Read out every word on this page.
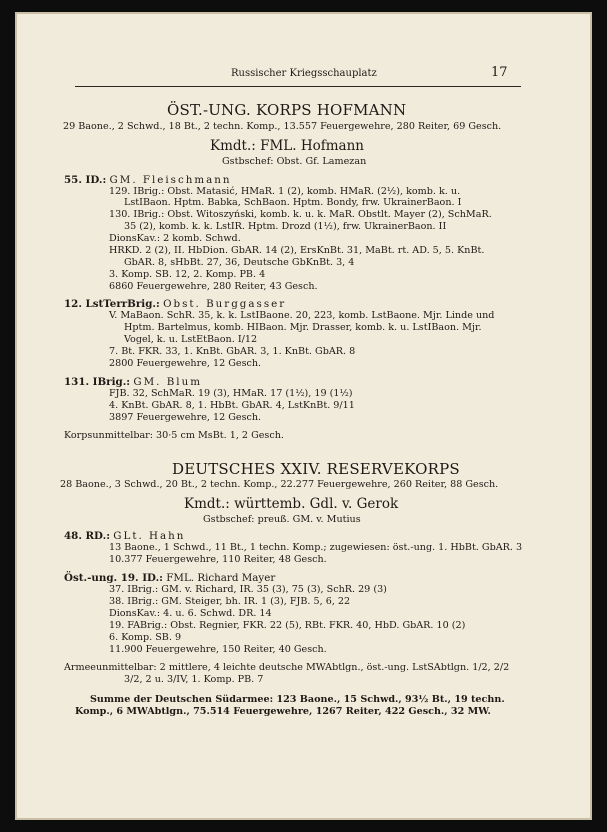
Russischer Kriegsschauplatz	17
ÖST.-UNG. KORPS HOFMANN
29 Baone., 2 Schwd., 18 Bt., 2 techn. Komp., 13.557 Feuergewehre, 280 Reiter, 69 Gesch.
Kmdt.: FML. Hofmann
Gstbschef: Obst. Gf. Lamezan
55. ID.: GM. Fleischmann
129. IBrig.: Obst. Matasić, HMaR. 1 (2), komb. HMaR. (2½), komb. k. u.
LstIBaon. Hptm. Babka, SchBaon. Hptm. Bondy, frw. UkrainerBaon. I
130. IBrig.: Obst. Witoszyński, komb. k. u. k. MaR. Obstlt. Mayer (2), SchMaR.
35 (2), komb. k. k. LstIR. Hptm. Drozd (1½), frw. UkrainerBaon. II
DionsKav.: 2 komb. Schwd.
HRKD. 2 (2), II. HbDion. GbAR. 14 (2), ErsKnBt. 31, MaBt. rt. AD. 5, 5. KnBt.
GbAR. 8, sHbBt. 27, 36, Deutsche GbKnBt. 3, 4
3. Komp. SB. 12, 2. Komp. PB. 4
6860 Feuergewehre, 280 Reiter, 43 Gesch.
12. LstTerrBrig.: Obst. Burggasser
V. MaBaon. SchR. 35, k. k. LstIBaone. 20, 223, komb. LstBaone. Mjr. Linde und
Hptm. Bartelmus, komb. HIBaon. Mjr. Drasser, komb. k. u. LstIBaon. Mjr.
Vogel, k. u. LstEtBaon. I/12
7. Bt. FKR. 33, 1. KnBt. GbAR. 3, 1. KnBt. GbAR. 8
2800 Feuergewehre, 12 Gesch.
131. IBrig.: GM. Blum
FJB. 32, SchMaR. 19 (3), HMaR. 17 (1½), 19 (1½)
4. KnBt. GbAR. 8, 1. HbBt. GbAR. 4, LstKnBt. 9/11
3897 Feuergewehre, 12 Gesch.
Korpsunmittelbar: 30·5 cm MsBt. 1, 2 Gesch.
DEUTSCHES XXIV. RESERVEKORPS
28 Baone., 3 Schwd., 20 Bt., 2 techn. Komp., 22.277 Feuergewehre, 260 Reiter, 88 Gesch.
Kmdt.: württemb. Gdl. v. Gerok
Gstbschef: preuß. GM. v. Mutius
48. RD.: GLt. Hahn
13 Baone., 1 Schwd., 11 Bt., 1 techn. Komp.; zugewiesen: öst.-ung. 1. HbBt. GbAR. 3
10.377 Feuergewehre, 110 Reiter, 48 Gesch.
Öst.-ung. 19. ID.: FML. Richard Mayer
37. IBrig.: GM. v. Richard, IR. 35 (3), 75 (3), SchR. 29 (3)
38. IBrig.: GM. Steiger, bh. IR. 1 (3), FJB. 5, 6, 22
DionsKav.: 4. u. 6. Schwd. DR. 14
19. FABrig.: Obst. Regnier, FKR. 22 (5), RBt. FKR. 40, HbD. GbAR. 10 (2)
6. Komp. SB. 9
11.900 Feuergewehre, 150 Reiter, 40 Gesch.
Armeeunmittelbar: 2 mittlere, 4 leichte deutsche MWAbtlgn., öst.-ung. LstSAbtlgn. 1/2, 2/2
3/2, 2 u. 3/IV, 1. Komp. PB. 7
Summe der Deutschen Südarmee: 123 Baone., 15 Schwd., 93½ Bt., 19 techn.
Komp., 6 MWAbtlgn., 75.514 Feuergewehre, 1267 Reiter, 422 Gesch., 32 MW.
